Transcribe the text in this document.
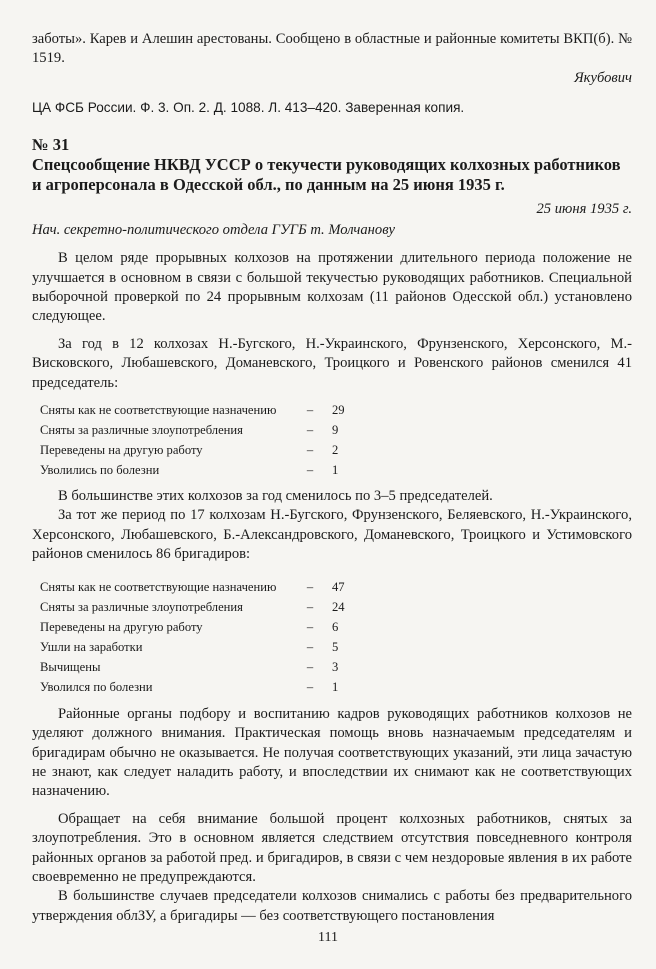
заботы». Карев и Алешин арестованы. Сообщено в областные и районные комитеты ВКП(б). № 1519.

Якубович

ЦА ФСБ России. Ф. 3. Оп. 2. Д. 1088. Л. 413–420. Заверенная копия.

№ 31

Спецсообщение НКВД УССР о текучести руководящих колхозных работников и агроперсонала в Одесской обл., по данным на 25 июня 1935 г.

25 июня 1935 г.

Нач. секретно-политического отдела ГУГБ т. Молчанову

В целом ряде прорывных колхозов на протяжении длительного периода положение не улучшается в основном в связи с большой текучестью руководящих работников. Специальной выборочной проверкой по 24 прорывным колхозам (11 районов Одесской обл.) установлено следующее.

За год в 12 колхозах Н.-Бугского, Н.-Украинского, Фрунзенского, Херсонского, М.-Висковского, Любашевского, Доманевского, Троицкого и Ровенского районов сменился 41 председатель:

Сняты как не соответствующие назначению	–	29
Сняты за различные злоупотребления	–	9
Переведены на другую работу	–	2
Уволились по болезни	–	1

В большинстве этих колхозов за год сменилось по 3–5 председателей.

За тот же период по 17 колхозам Н.-Бугского, Фрунзенского, Беляевского, Н.-Украинского, Херсонского, Любашевского, Б.-Александровского, Доманевского, Троицкого и Устимовского районов сменилось 86 бригадиров:

Сняты как не соответствующие назначению	–	47
Сняты за различные злоупотребления	–	24
Переведены на другую работу	–	6
Ушли на заработки	–	5
Вычищены	–	3
Уволился по болезни	–	1

Районные органы подбору и воспитанию кадров руководящих работников колхозов не уделяют должного внимания. Практическая помощь вновь назначаемым председателям и бригадирам обычно не оказывается. Не получая соответствующих указаний, эти лица зачастую не знают, как следует наладить работу, и впоследствии их снимают как не соответствующих назначению.

Обращает на себя внимание большой процент колхозных работников, снятых за злоупотребления. Это в основном является следствием отсутствия повседневного контроля районных органов за работой пред. и бригадиров, в связи с чем нездоровые явления в их работе своевременно не предупреждаются.

В большинстве случаев председатели колхозов снимались с работы без предварительного утверждения облЗУ, а бригадиры — без соответствующего постановления

111
